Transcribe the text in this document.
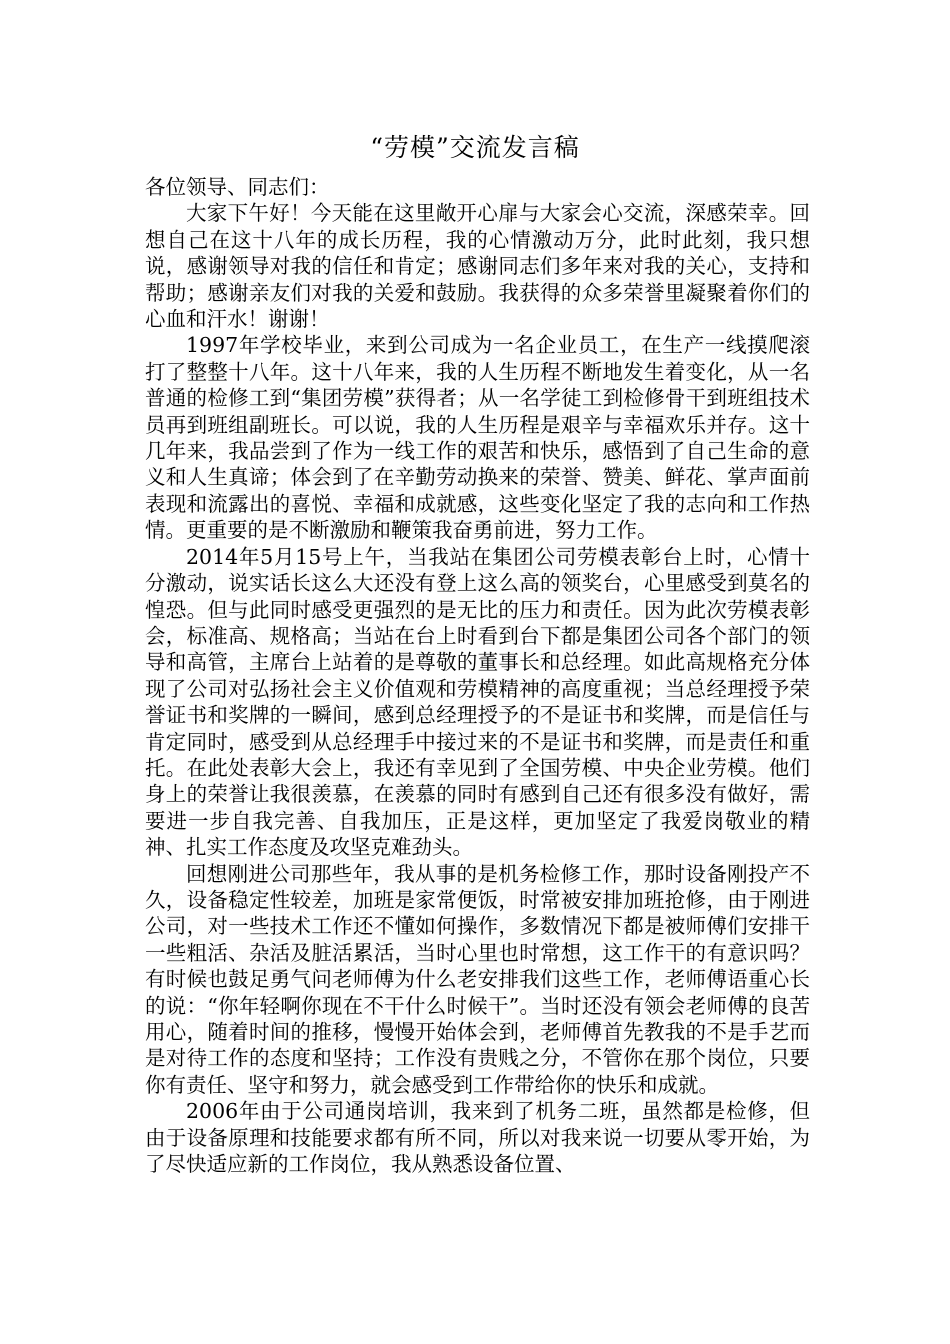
“劳模”交流发言稿

各位领导、同志们：

大家下午好！今天能在这里敞开心扉与大家会心交流，深感荣幸。回想自己在这十八年的成长历程，我的心情激动万分，此时此刻，我只想说，感谢领导对我的信任和肯定；感谢同志们多年来对我的关心，支持和帮助；感谢亲友们对我的关爱和鼓励。我获得的众多荣誉里凝聚着你们的心血和汗水！谢谢！

1997年学校毕业，来到公司成为一名企业员工，在生产一线摸爬滚打了整整十八年。这十八年来，我的人生历程不断地发生着变化，从一名普通的检修工到“集团劳模”获得者；从一名学徒工到检修骨干到班组技术员再到班组副班长。可以说，我的人生历程是艰辛与幸福欢乐并存。这十几年来，我品尝到了作为一线工作的艰苦和快乐，感悟到了自己生命的意义和人生真谛；体会到了在辛勤劳动换来的荣誉、赞美、鲜花、掌声面前表现和流露出的喜悦、幸福和成就感，这些变化坚定了我的志向和工作热情。更重要的是不断激励和鞭策我奋勇前进，努力工作。

2014年5月15号上午，当我站在集团公司劳模表彰台上时，心情十分激动，说实话长这么大还没有登上这么高的领奖台，心里感受到莫名的惶恐。但与此同时感受更强烈的是无比的压力和责任。因为此次劳模表彰会，标准高、规格高；当站在台上时看到台下都是集团公司各个部门的领导和高管，主席台上站着的是尊敬的董事长和总经理。如此高规格充分体现了公司对弘扬社会主义价值观和劳模精神的高度重视；当总经理授予荣誉证书和奖牌的一瞬间，感到总经理授予的不是证书和奖牌，而是信任与肯定同时，感受到从总经理手中接过来的不是证书和奖牌，而是责任和重托。在此处表彰大会上，我还有幸见到了全国劳模、中央企业劳模。他们身上的荣誉让我很羡慕，在羡慕的同时有感到自己还有很多没有做好，需要进一步自我完善、自我加压，正是这样，更加坚定了我爱岗敬业的精神、扎实工作态度及攻坚克难劲头。

回想刚进公司那些年，我从事的是机务检修工作，那时设备刚投产不久，设备稳定性较差，加班是家常便饭，时常被安排加班抢修，由于刚进公司，对一些技术工作还不懂如何操作，多数情况下都是被师傅们安排干一些粗活、杂活及脏活累活，当时心里也时常想，这工作干的有意识吗？有时候也鼓足勇气问老师傅为什么老安排我们这些工作，老师傅语重心长的说：“你年轻啊你现在不干什么时候干”。当时还没有领会老师傅的良苦用心，随着时间的推移，慢慢开始体会到，老师傅首先教我的不是手艺而是对待工作的态度和坚持；工作没有贵贱之分，不管你在那个岗位，只要你有责任、坚守和努力，就会感受到工作带给你的快乐和成就。

2006年由于公司通岗培训，我来到了机务二班，虽然都是检修，但由于设备原理和技能要求都有所不同，所以对我来说一切要从零开始，为了尽快适应新的工作岗位，我从熟悉设备位置、
